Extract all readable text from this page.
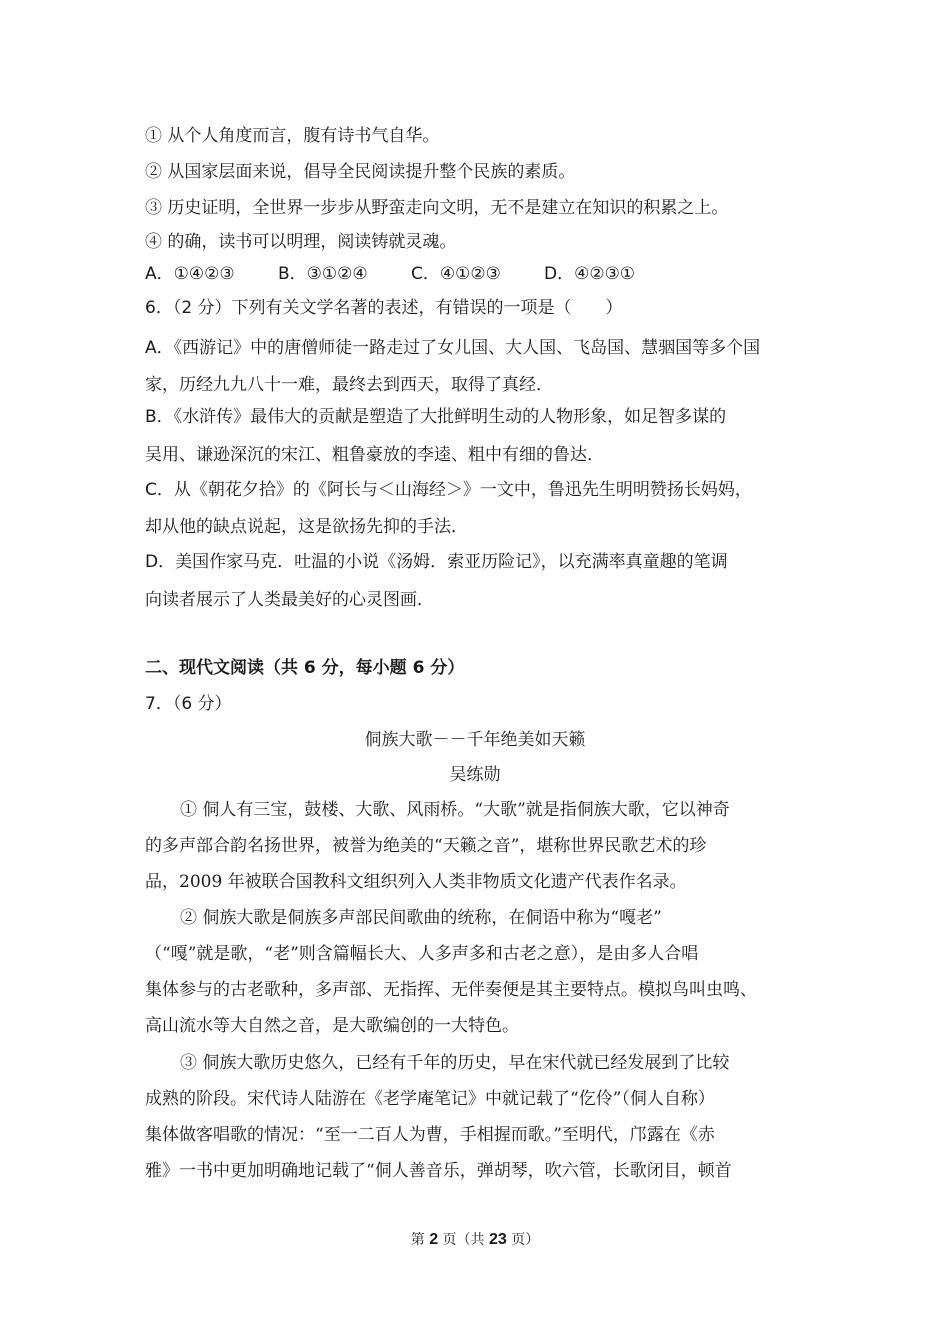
① 从个人角度而言，腹有诗书气自华。
② 从国家层面来说，倡导全民阅读提升整个民族的素质。
③ 历史证明，全世界一步步从野蛮走向文明，无不是建立在知识的积累之上。
④ 的确，读书可以明理，阅读铸就灵魂。
A．①④②③	B．③①②④	C．④①②③	D．④②③①
6．（2 分）下列有关文学名著的表述，有错误的一项是（　　）
A．《西游记》中的唐僧师徒一路走过了女儿国、大人国、飞岛国、慧骃国等多个国
家，历经九九八十一难，最终去到西天，取得了真经．
B．《水浒传》最伟大的贡献是塑造了大批鲜明生动的人物形象，如足智多谋的
吴用、谦逊深沉的宋江、粗鲁豪放的李逵、粗中有细的鲁达．
C．从《朝花夕拾》的《阿长与＜山海经＞》一文中，鲁迅先生明明赞扬长妈妈，
却从他的缺点说起，这是欲扬先抑的手法．
D．美国作家马克．吐温的小说《汤姆．索亚历险记》，以充满率真童趣的笔调
向读者展示了人类最美好的心灵图画．
二、现代文阅读（共 6 分，每小题 6 分）
7．（6 分）
侗族大歌－－千年绝美如天籁
吴练勋
① 侗人有三宝，鼓楼、大歌、风雨桥。“大歌”就是指侗族大歌，它以神奇
的多声部合韵名扬世界，被誉为绝美的“天籁之音”，堪称世界民歌艺术的珍
品，2009 年被联合国教科文组织列入人类非物质文化遗产代表作名录。
② 侗族大歌是侗族多声部民间歌曲的统称，在侗语中称为“嘎老”
（“嘎”就是歌，“老”则含篇幅长大、人多声多和古老之意），是由多人合唱
集体参与的古老歌种，多声部、无指挥、无伴奏便是其主要特点。模拟鸟叫虫鸣、
高山流水等大自然之音，是大歌编创的一大特色。
③ 侗族大歌历史悠久，已经有千年的历史，早在宋代就已经发展到了比较
成熟的阶段。宋代诗人陆游在《老学庵笔记》中就记载了“仡伶”（侗人自称）
集体做客唱歌的情况：“至一二百人为曹，手相握而歌。”至明代，邝露在《赤
雅》一书中更加明确地记载了“侗人善音乐，弹胡琴，吹六管，长歌闭目，顿首
第 2 页（共 23 页）
